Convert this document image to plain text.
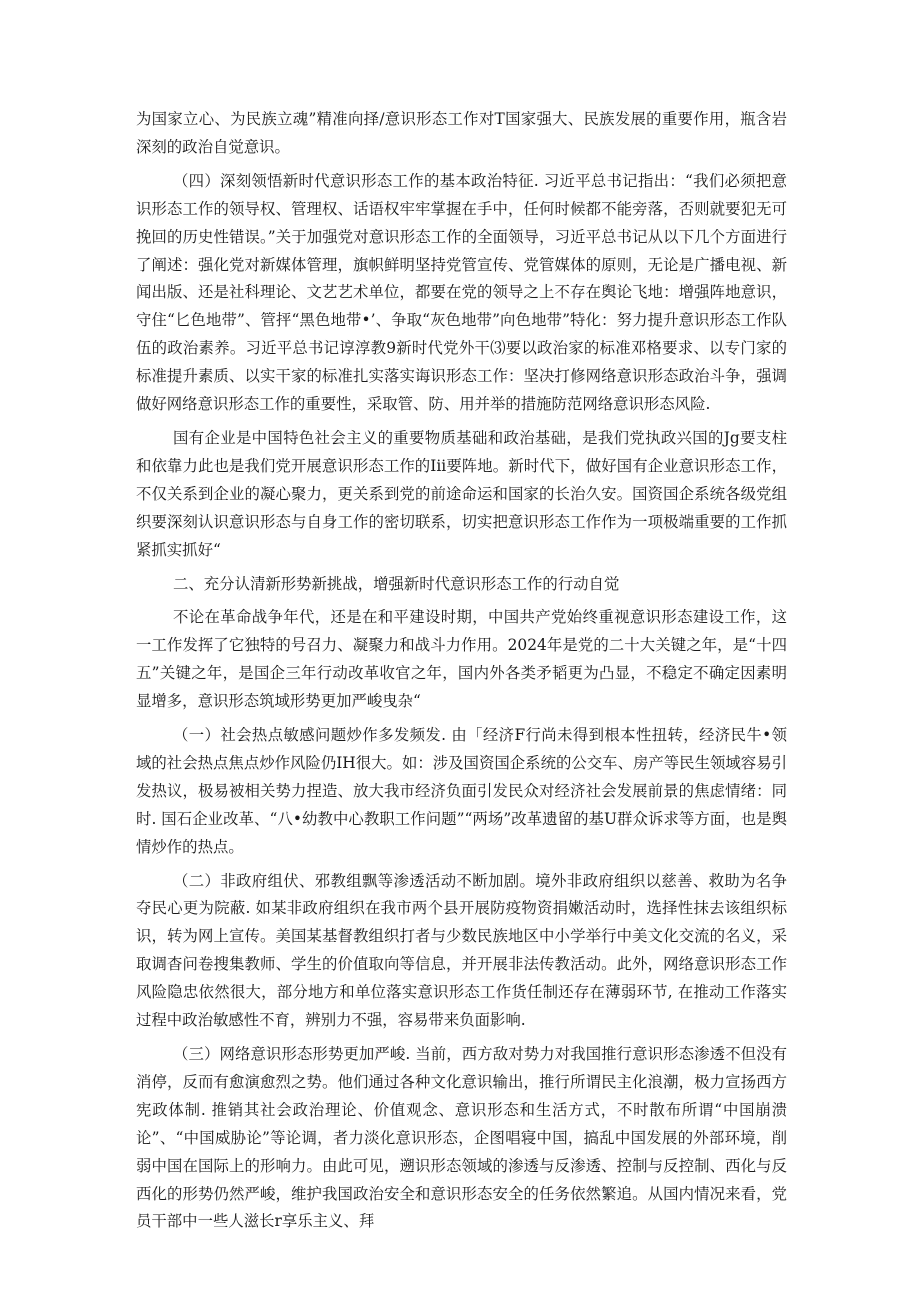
为国家立心、为民族立魂”精准向择/意识形态工作对T国家强大、民族发展的重要作用，瓶含岩深刻的政治自觉意识。

（四）深刻领悟新时代意识形态工作的基本政治特征. 习近平总书记指出：“我们必须把意识形态工作的领导权、管理权、话语权牢牢掌握在手中，任何时候都不能旁落，否则就要犯无可挽回的历史性错误。”关于加强党对意识形态工作的全面领导，习近平总书记从以下几个方面进行了阐述：强化党对新媒体管理，旗帜鲜明坚持党管宣传、党管媒体的原则，无论是广播电视、新闻出版、还是社科理论、文艺艺术单位，都要在党的领导之上不存在舆论飞地：增强阵地意识，守住“匕色地带”、管抨“黑色地带•’、争取“灰色地带”向色地带”特化：努力提升意识形态工作队伍的政治素养。习近平总书记谆淳教9新时代党外干⑶要以政治家的标准邓格要求、以专门家的标准提升素质、以实干家的标准扎实落实诲识形态工作：坚决打修网络意识形态政治斗争，强调做好网络意识形态工作的重要性，采取管、防、用并举的措施防范网络意识形态风险.

国有企业是中国特色社会主义的重要物质基础和政治基础，是我们党执政兴国的Jg要支柱和依靠力此也是我们党开展意识形态工作的Iii要阵地。新时代下，做好国有企业意识形态工作，不仅关系到企业的凝心聚力，更关系到党的前途命运和国家的长治久安。国资国企系统各级党组织要深刻认识意识形态与自身工作的密切联系，切实把意识形态工作作为一项极端重要的工作抓紧抓实抓好“

二、充分认清新形势新挑战，增强新时代意识形态工作的行动自觉

不论在革命战争年代，还是在和平建设时期，中国共产党始终重视意识形态建设工作，这一工作发挥了它独特的号召力、凝聚力和战斗力作用。2024年是党的二十大关键之年，是“十四五”关键之年，是国企三年行动改革收官之年，国内外各类矛韬更为凸显，不稳定不确定因素明显增多，意识形态筑域形势更加严峻曳杂“

（一）社会热点敏感问题炒作多发频发. 由「经济F行尚未得到根本性扭转，经济民牛•领域的社会热点焦点炒作风险仍IH很大。如：涉及国资国企系统的公交车、房产等民生领域容易引发热议，极易被相关势力捏造、放大我市经济负面引发民众对经济社会发展前景的焦虑情绪：同时. 国石企业改革、“八•幼教中心教职工作问题”“两场”改革遗留的基U群众诉求等方面，也是舆情炒作的热点。

（二）非政府组伏、邪教组飘等渗透活动不断加剧。境外非政府组织以慈善、救助为名争夺民心更为院蔽. 如某非政府组织在我市两个县开展防疫物资捐嫩活动时，选择性抹去该组织标识，转为网上宣传。美国某基督教组织打者与少数民族地区中小学举行中美文化交流的名义，采取调杳问卷搜集教师、学生的价值取向等信息，并开展非法传教活动。此外，网络意识形态工作风险隐忠依然很大，部分地方和单位落实意识形态工作货任制还存在薄弱环节, 在推动工作落实过程中政治敏感性不育，辨别力不强，容易带来负面影响.

（三）网络意识形态形势更加严峻. 当前，西方敌对势力对我国推行意识形态渗透不但没有消停，反而有愈演愈烈之势。他们通过各种文化意识输出，推行所谓民主化浪潮，极力宣扬西方宪政体制. 推销其社会政治理论、价值观念、意识形态和生活方式，不时散布所谓“中国崩溃论”、“中国威胁论”等论调，者力淡化意识形态，企图唱寝中国，搞乱中国发展的外部环境，削弱中国在国际上的形响力。由此可见，遡识形态领域的渗透与反渗透、控制与反控制、西化与反西化的形势仍然严峻，维护我国政治安全和意识形态安全的任务依然繁追。从国内情况来看，党员干部中一些人滋长r享乐主义、拜
